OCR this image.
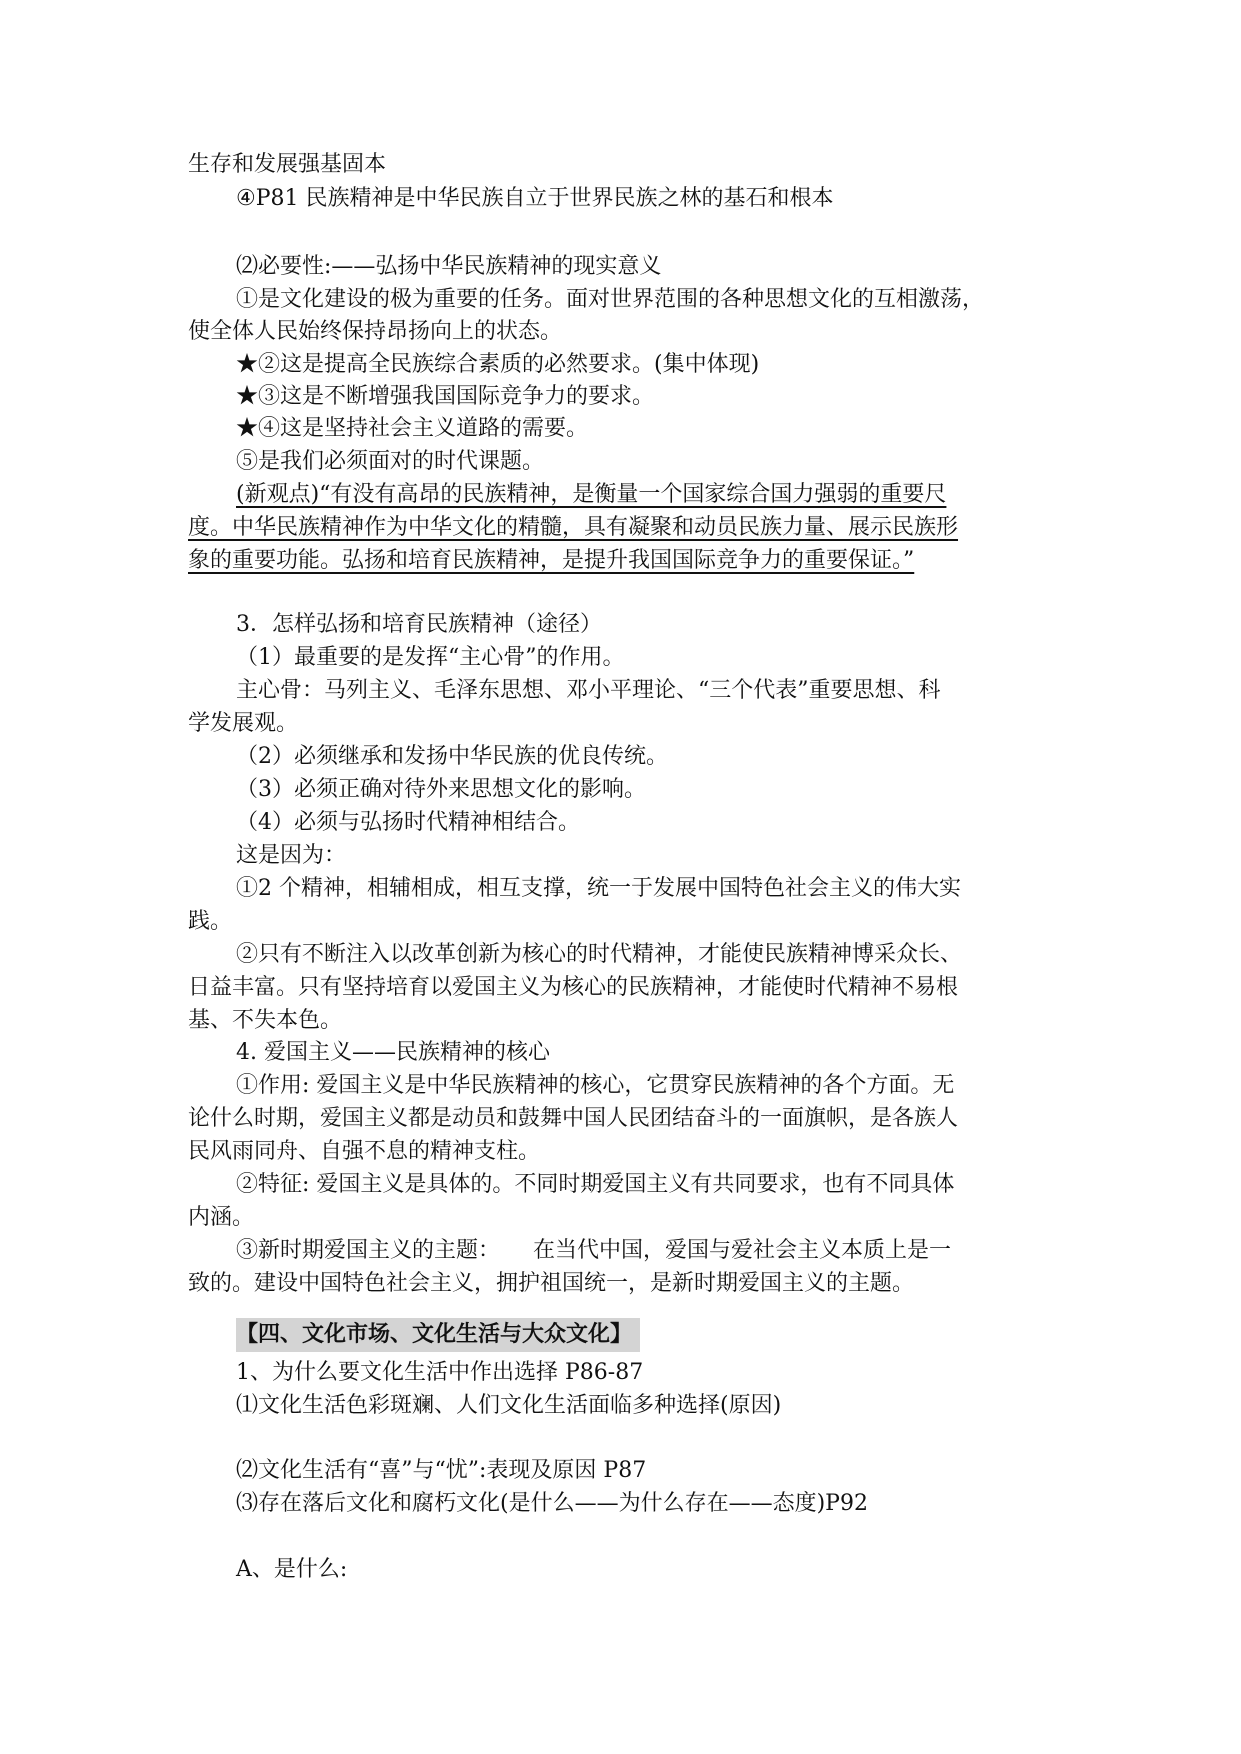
生存和发展强基固本
④P81 民族精神是中华民族自立于世界民族之林的基石和根本
⑵必要性:——弘扬中华民族精神的现实意义
①是文化建设的极为重要的任务。面对世界范围的各种思想文化的互相激荡，
使全体人民始终保持昂扬向上的状态。
★②这是提高全民族综合素质的必然要求。(集中体现)
★③这是不断增强我国国际竞争力的要求。
★④这是坚持社会主义道路的需要。
⑤是我们必须面对的时代课题。
(新观点)“有没有高昂的民族精神，是衡量一个国家综合国力强弱的重要尺
度。中华民族精神作为中华文化的精髓，具有凝聚和动员民族力量、展示民族形
象的重要功能。弘扬和培育民族精神，是提升我国国际竞争力的重要保证。”
3．怎样弘扬和培育民族精神（途径）
（1）最重要的是发挥“主心骨”的作用。
主心骨：马列主义、毛泽东思想、邓小平理论、“三个代表”重要思想、科
学发展观。
（2）必须继承和发扬中华民族的优良传统。
（3）必须正确对待外来思想文化的影响。
（4）必须与弘扬时代精神相结合。
这是因为：
①2 个精神，相辅相成，相互支撑，统一于发展中国特色社会主义的伟大实
践。
②只有不断注入以改革创新为核心的时代精神，才能使民族精神博采众长、
日益丰富。只有坚持培育以爱国主义为核心的民族精神，才能使时代精神不易根
基、不失本色。
4. 爱国主义——民族精神的核心
①作用: 爱国主义是中华民族精神的核心，它贯穿民族精神的各个方面。无
论什么时期，爱国主义都是动员和鼓舞中国人民团结奋斗的一面旗帜，是各族人
民风雨同舟、自强不息的精神支柱。
②特征: 爱国主义是具体的。不同时期爱国主义有共同要求，也有不同具体
内涵。
③新时期爱国主义的主题：　　在当代中国，爱国与爱社会主义本质上是一
致的。建设中国特色社会主义，拥护祖国统一，是新时期爱国主义的主题。
【四、文化市场、文化生活与大众文化】
1、为什么要文化生活中作出选择 P86-87
⑴文化生活色彩斑斓、人们文化生活面临多种选择(原因)
⑵文化生活有“喜”与“忧”:表现及原因 P87
⑶存在落后文化和腐朽文化(是什么——为什么存在——态度)P92
A、是什么:
